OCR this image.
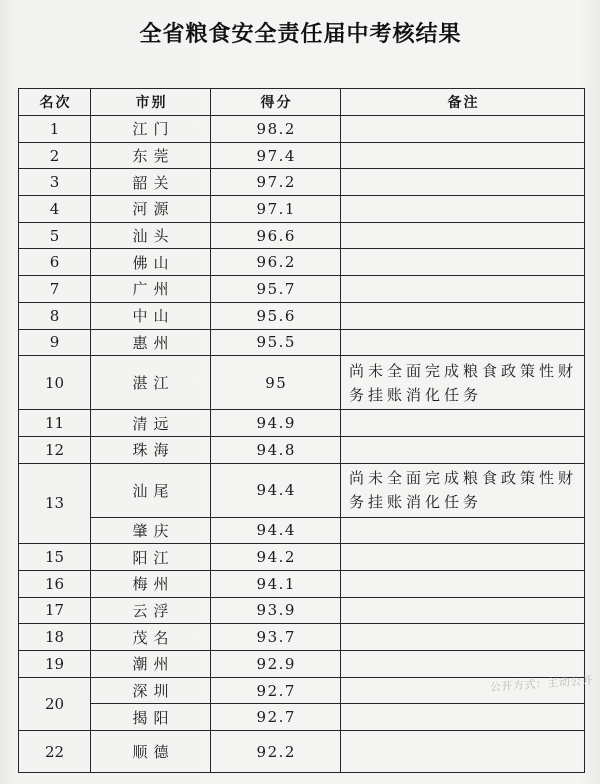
全省粮食安全责任届中考核结果
名次	市别	得分	备注
1	江门	98.2	
2	东莞	97.4	
3	韶关	97.2	
4	河源	97.1	
5	汕头	96.6	
6	佛山	96.2	
7	广州	95.7	
8	中山	95.6	
9	惠州	95.5	
10	湛江	95	尚未全面完成粮食政策性财务挂账消化任务
11	清远	94.9	
12	珠海	94.8	
13	汕尾	94.4	尚未全面完成粮食政策性财务挂账消化任务
	肇庆	94.4	
15	阳江	94.2	
16	梅州	94.1	
17	云浮	93.9	
18	茂名	93.7	
19	潮州	92.9	
20	深圳	92.7	
	揭阳	92.7	
22	顺德	92.2	
公开方式：主动公开
